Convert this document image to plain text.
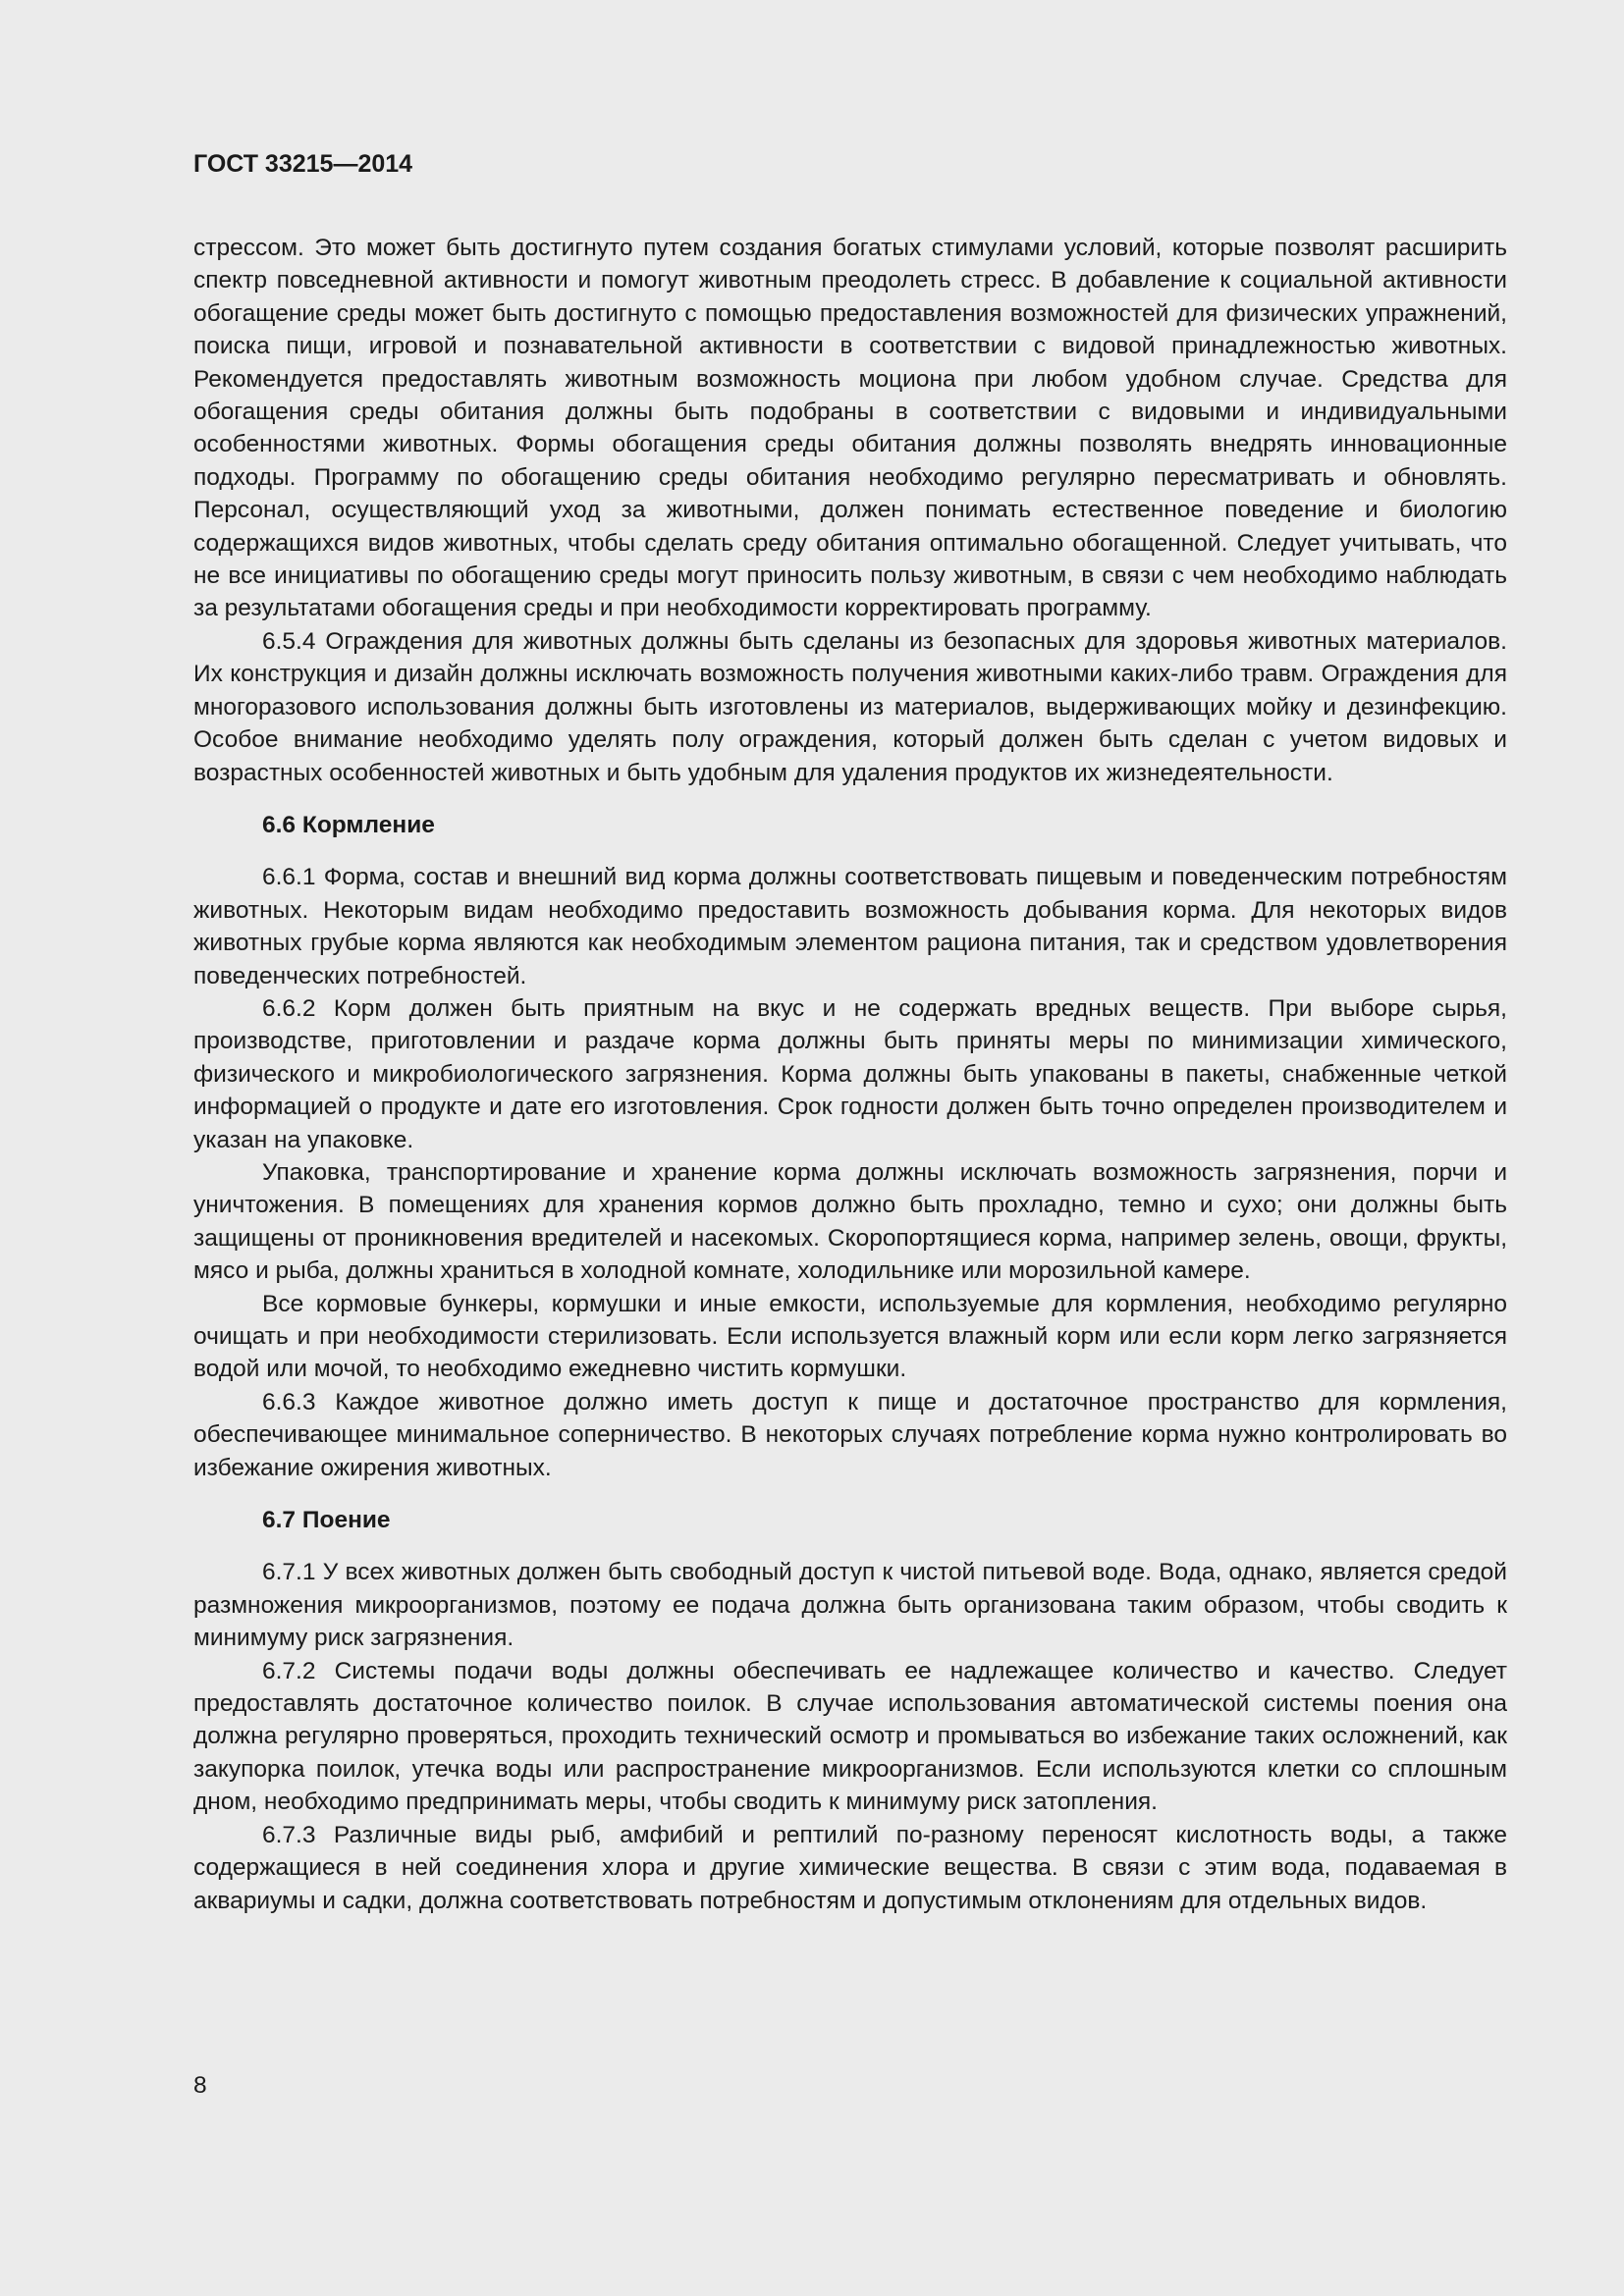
ГОСТ 33215—2014

стрессом. Это может быть достигнуто путем создания богатых стимулами условий, которые позволят расширить спектр повседневной активности и помогут животным преодолеть стресс. В добавление к социальной активности обогащение среды может быть достигнуто с помощью предоставления возможностей для физических упражнений, поиска пищи, игровой и познавательной активности в соответствии с видовой принадлежностью животных. Рекомендуется предоставлять животным возможность моциона при любом удобном случае. Средства для обогащения среды обитания должны быть подобраны в соответствии с видовыми и индивидуальными особенностями животных. Формы обогащения среды обитания должны позволять внедрять инновационные подходы. Программу по обогащению среды обитания необходимо регулярно пересматривать и обновлять. Персонал, осуществляющий уход за животными, должен понимать естественное поведение и биологию содержащихся видов животных, чтобы сделать среду обитания оптимально обогащенной. Следует учитывать, что не все инициативы по обогащению среды могут приносить пользу животным, в связи с чем необходимо наблюдать за результатами обогащения среды и при необходимости корректировать программу.

6.5.4 Ограждения для животных должны быть сделаны из безопасных для здоровья животных материалов. Их конструкция и дизайн должны исключать возможность получения животными каких-либо травм. Ограждения для многоразового использования должны быть изготовлены из материалов, выдерживающих мойку и дезинфекцию. Особое внимание необходимо уделять полу ограждения, который должен быть сделан с учетом видовых и возрастных особенностей животных и быть удобным для удаления продуктов их жизнедеятельности.

6.6 Кормление

6.6.1 Форма, состав и внешний вид корма должны соответствовать пищевым и поведенческим потребностям животных. Некоторым видам необходимо предоставить возможность добывания корма. Для некоторых видов животных грубые корма являются как необходимым элементом рациона питания, так и средством удовлетворения поведенческих потребностей.

6.6.2 Корм должен быть приятным на вкус и не содержать вредных веществ. При выборе сырья, производстве, приготовлении и раздаче корма должны быть приняты меры по минимизации химического, физического и микробиологического загрязнения. Корма должны быть упакованы в пакеты, снабженные четкой информацией о продукте и дате его изготовления. Срок годности должен быть точно определен производителем и указан на упаковке.

Упаковка, транспортирование и хранение корма должны исключать возможность загрязнения, порчи и уничтожения. В помещениях для хранения кормов должно быть прохладно, темно и сухо; они должны быть защищены от проникновения вредителей и насекомых. Скоропортящиеся корма, например зелень, овощи, фрукты, мясо и рыба, должны храниться в холодной комнате, холодильнике или морозильной камере.

Все кормовые бункеры, кормушки и иные емкости, используемые для кормления, необходимо регулярно очищать и при необходимости стерилизовать. Если используется влажный корм или если корм легко загрязняется водой или мочой, то необходимо ежедневно чистить кормушки.

6.6.3 Каждое животное должно иметь доступ к пище и достаточное пространство для кормления, обеспечивающее минимальное соперничество. В некоторых случаях потребление корма нужно контролировать во избежание ожирения животных.

6.7 Поение

6.7.1 У всех животных должен быть свободный доступ к чистой питьевой воде. Вода, однако, является средой размножения микроорганизмов, поэтому ее подача должна быть организована таким образом, чтобы сводить к минимуму риск загрязнения.

6.7.2 Системы подачи воды должны обеспечивать ее надлежащее количество и качество. Следует предоставлять достаточное количество поилок. В случае использования автоматической системы поения она должна регулярно проверяться, проходить технический осмотр и промываться во избежание таких осложнений, как закупорка поилок, утечка воды или распространение микроорганизмов. Если используются клетки со сплошным дном, необходимо предпринимать меры, чтобы сводить к минимуму риск затопления.

6.7.3 Различные виды рыб, амфибий и рептилий по-разному переносят кислотность воды, а также содержащиеся в ней соединения хлора и другие химические вещества. В связи с этим вода, подаваемая в аквариумы и садки, должна соответствовать потребностям и допустимым отклонениям для отдельных видов.

8
